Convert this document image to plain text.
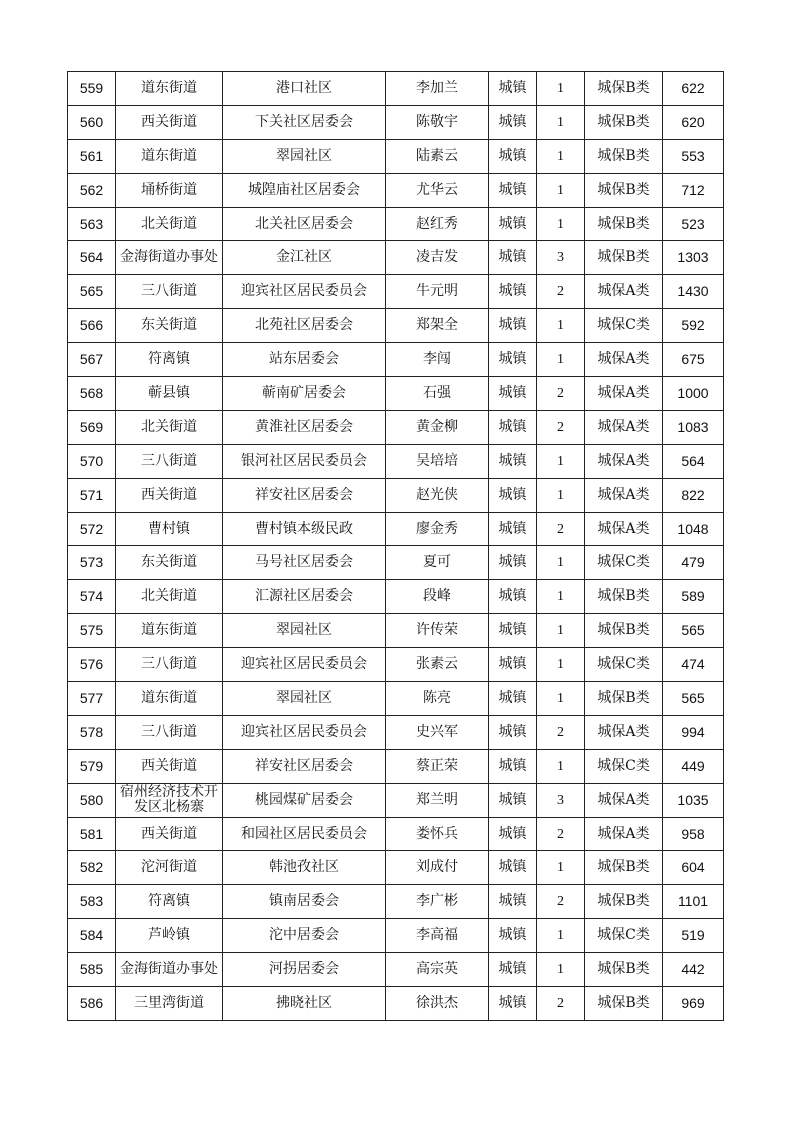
559	道东街道	港口社区	李加兰	城镇	1	城保B类	622
560	西关街道	下关社区居委会	陈敬宇	城镇	1	城保B类	620
561	道东街道	翠园社区	陆素云	城镇	1	城保B类	553
562	埇桥街道	城隍庙社区居委会	尤华云	城镇	1	城保B类	712
563	北关街道	北关社区居委会	赵红秀	城镇	1	城保B类	523
564	金海街道办事处	金江社区	凌吉发	城镇	3	城保B类	1303
565	三八街道	迎宾社区居民委员会	牛元明	城镇	2	城保A类	1430
566	东关街道	北苑社区居委会	郑架全	城镇	1	城保C类	592
567	符离镇	站东居委会	李闯	城镇	1	城保A类	675
568	蕲县镇	蕲南矿居委会	石强	城镇	2	城保A类	1000
569	北关街道	黄淮社区居委会	黄金柳	城镇	2	城保A类	1083
570	三八街道	银河社区居民委员会	吴培培	城镇	1	城保A类	564
571	西关街道	祥安社区居委会	赵光侠	城镇	1	城保A类	822
572	曹村镇	曹村镇本级民政	廖金秀	城镇	2	城保A类	1048
573	东关街道	马号社区居委会	夏可	城镇	1	城保C类	479
574	北关街道	汇源社区居委会	段峰	城镇	1	城保B类	589
575	道东街道	翠园社区	许传荣	城镇	1	城保B类	565
576	三八街道	迎宾社区居民委员会	张素云	城镇	1	城保C类	474
577	道东街道	翠园社区	陈亮	城镇	1	城保B类	565
578	三八街道	迎宾社区居民委员会	史兴军	城镇	2	城保A类	994
579	西关街道	祥安社区居委会	蔡正荣	城镇	1	城保C类	449
580	宿州经济技术开发区北杨寨	桃园煤矿居委会	郑兰明	城镇	3	城保A类	1035
581	西关街道	和园社区居民委员会	娄怀兵	城镇	2	城保A类	958
582	沱河街道	韩池孜社区	刘成付	城镇	1	城保B类	604
583	符离镇	镇南居委会	李广彬	城镇	2	城保B类	1101
584	芦岭镇	沱中居委会	李高福	城镇	1	城保C类	519
585	金海街道办事处	河拐居委会	高宗英	城镇	1	城保B类	442
586	三里湾街道	拂晓社区	徐洪杰	城镇	2	城保B类	969
